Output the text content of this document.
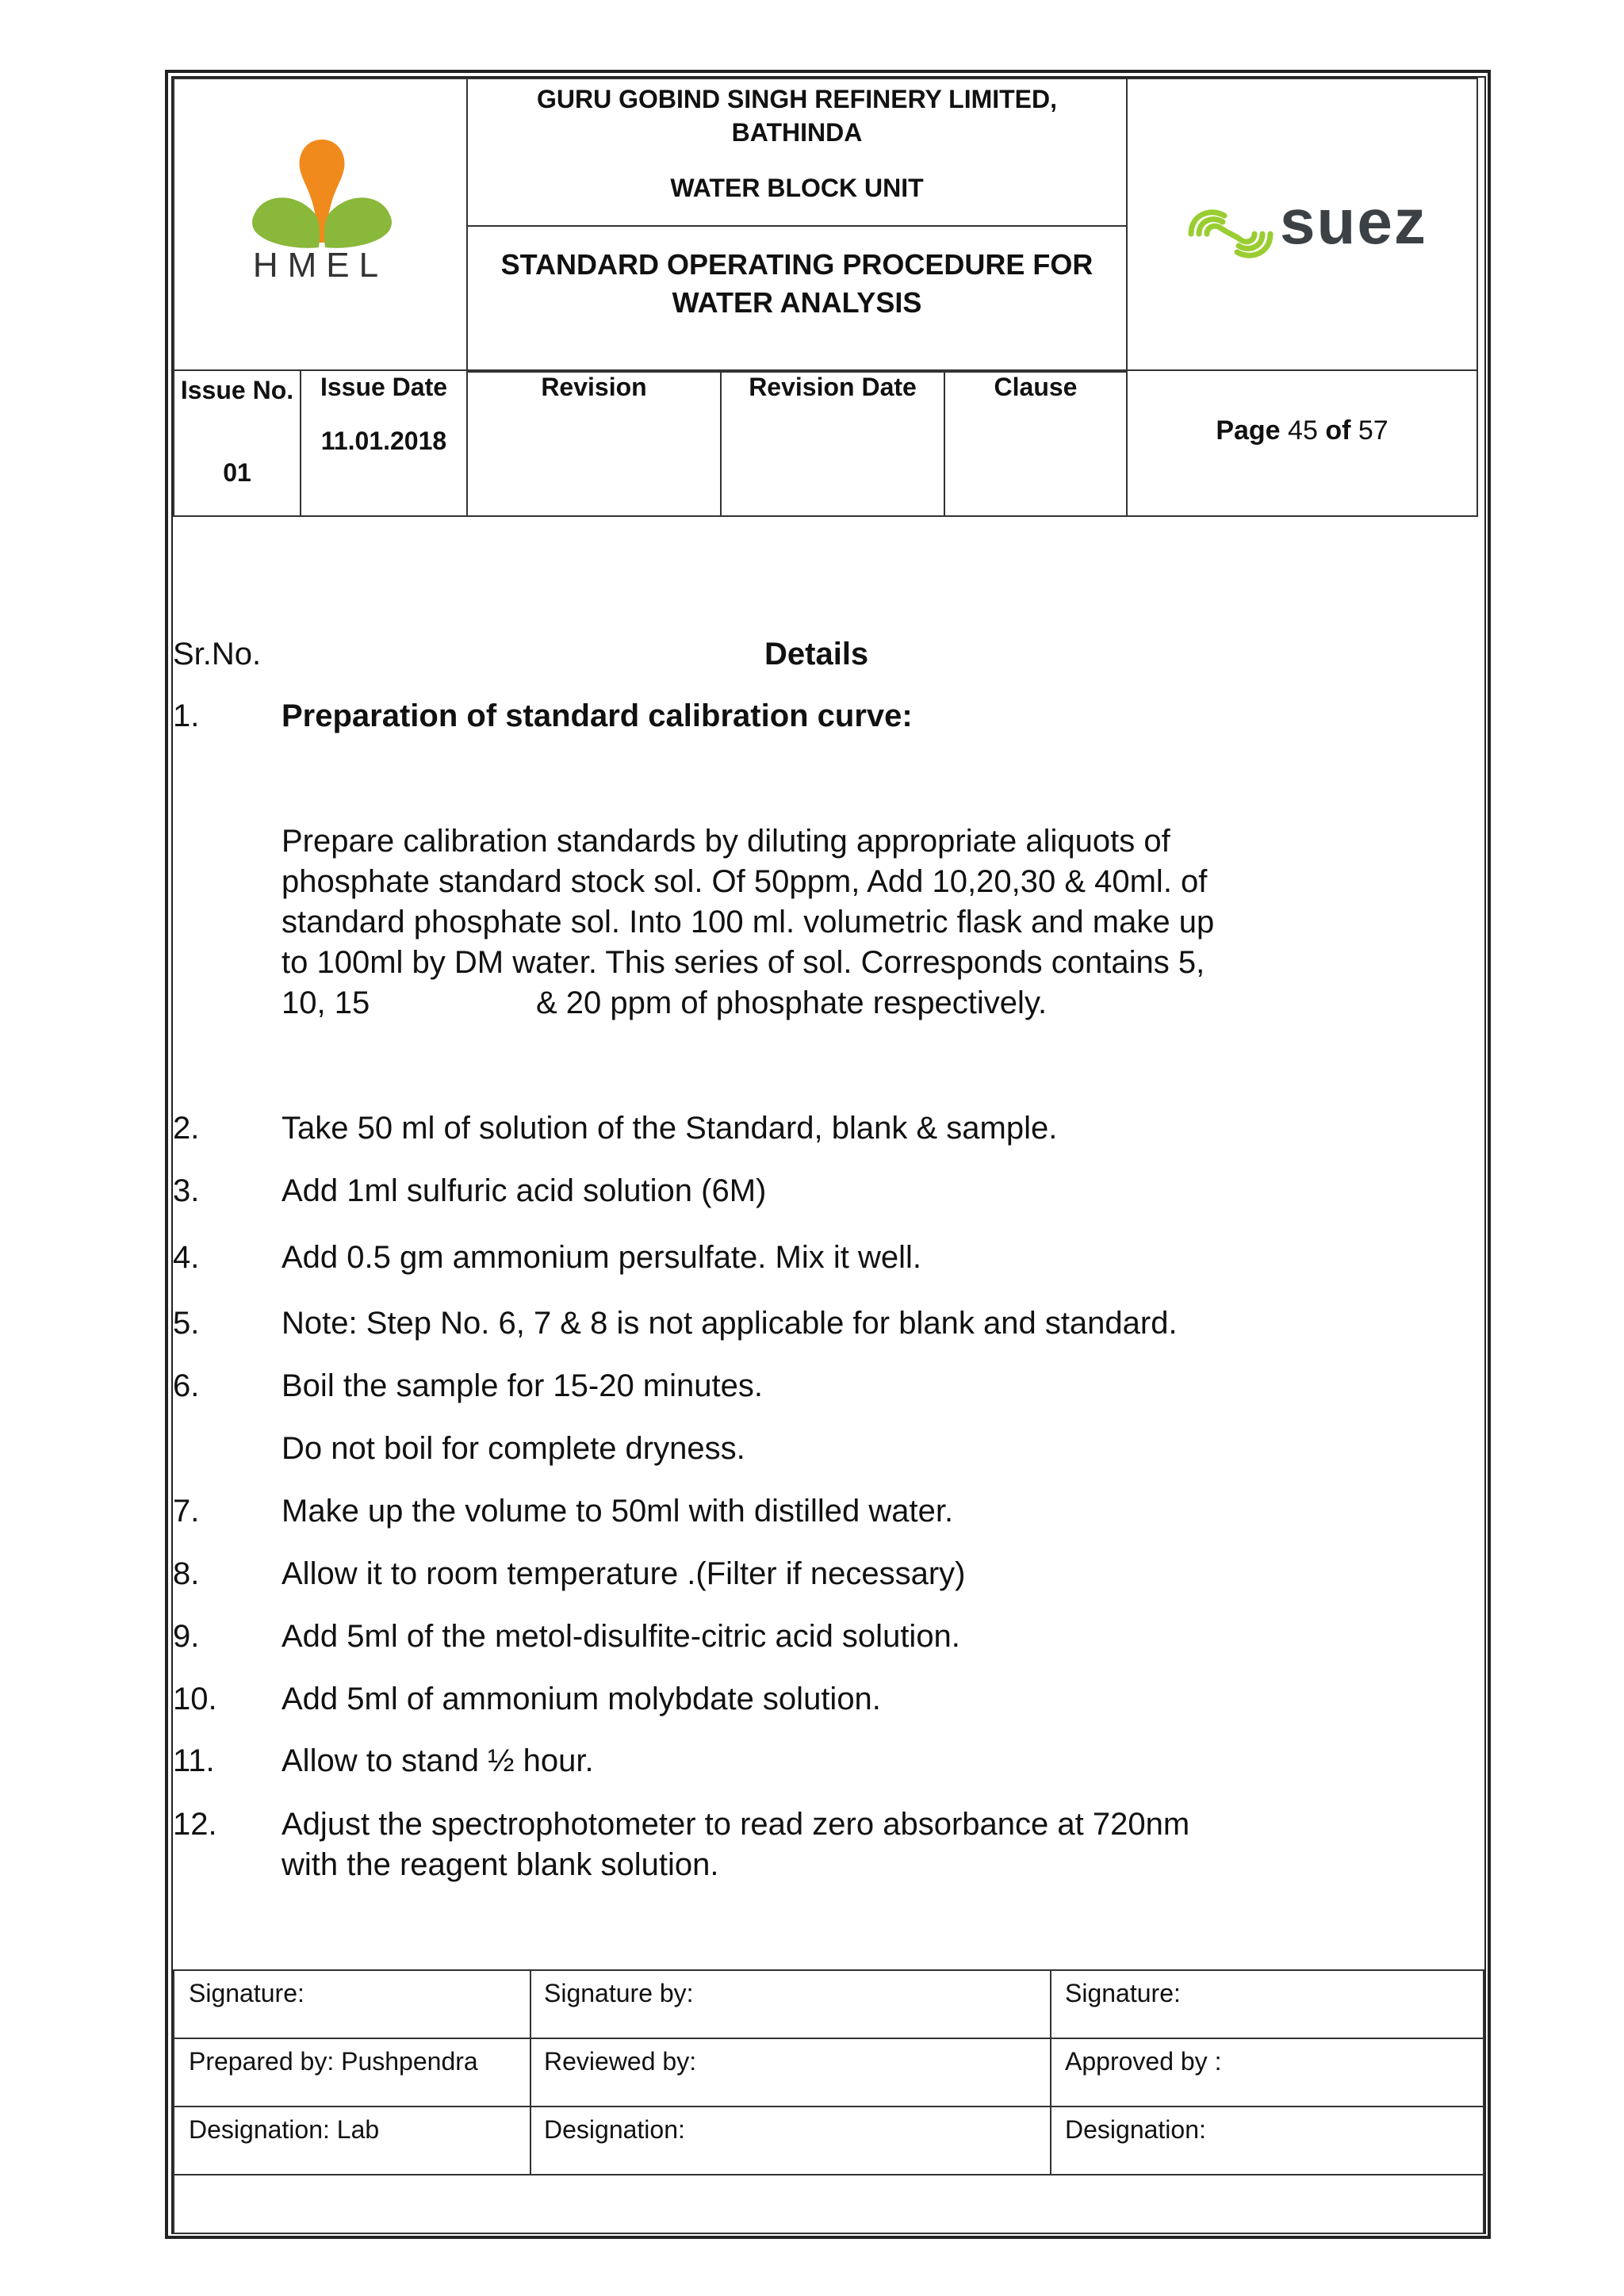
HMEL
GURU GOBIND SINGH REFINERY LIMITED,
BATHINDA
WATER BLOCK UNIT
STANDARD OPERATING PROCEDURE FOR
WATER ANALYSIS
suez
Issue No.
01
Issue Date
11.01.2018
Revision	Revision Date	Clause
Page 45 of 57
Sr.No.	Details
1.	Preparation of standard calibration curve:
Prepare calibration standards by diluting appropriate aliquots of
phosphate standard stock sol. Of 50ppm, Add 10,20,30 & 40ml. of
standard phosphate sol. Into 100 ml. volumetric flask and make up
to 100ml by DM water. This series of sol. Corresponds contains 5,
10, 15	& 20 ppm of phosphate respectively.
2.	Take 50 ml of solution of the Standard, blank & sample.
3.	Add 1ml sulfuric acid solution (6M)
4.	Add 0.5 gm ammonium persulfate. Mix it well.
5.	Note: Step No. 6, 7 & 8 is not applicable for blank and standard.
6.	Boil the sample for 15-20 minutes.
Do not boil for complete dryness.
7.	Make up the volume to 50ml with distilled water.
8.	Allow it to room temperature .(Filter if necessary)
9.	Add 5ml of the metol-disulfite-citric acid solution.
10. Add 5ml of ammonium molybdate solution.
11. Allow to stand ½ hour.
12. Adjust the spectrophotometer to read zero absorbance at 720nm
with the reagent blank solution.
Signature:	Signature by:	Signature:
Prepared by: Pushpendra	Reviewed by:	Approved by :
Designation: Lab	Designation:	Designation:
